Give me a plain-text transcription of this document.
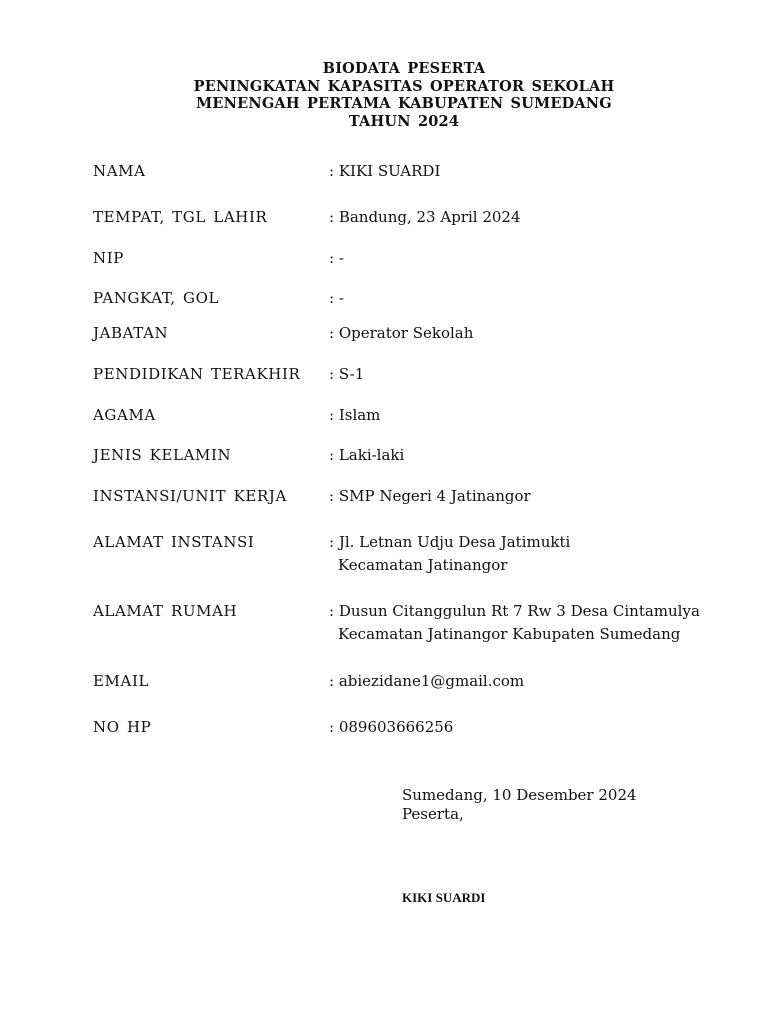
BIODATA PESERTA
PENINGKATAN KAPASITAS OPERATOR SEKOLAH
MENENGAH PERTAMA KABUPATEN SUMEDANG
TAHUN 2024
NAMA	: KIKI SUARDI
TEMPAT, TGL LAHIR	: Bandung, 23 April 2024
NIP	: -
PANGKAT, GOL	: -
JABATAN	: Operator Sekolah
PENDIDIKAN TERAKHIR : S-1
AGAMA	: Islam
JENIS KELAMIN	: Laki-laki
INSTANSI/UNIT KERJA	: SMP Negeri 4 Jatinangor
ALAMAT INSTANSI	: Jl. Letnan Udju Desa Jatimukti
Kecamatan Jatinangor
ALAMAT RUMAH	: Dusun Citanggulun Rt 7 Rw 3 Desa Cintamulya
Kecamatan Jatinangor Kabupaten Sumedang
EMAIL	: abiezidane1@gmail.com
NO HP	: 089603666256
Sumedang, 10 Desember 2024
Peserta,
KIKI SUARDI
